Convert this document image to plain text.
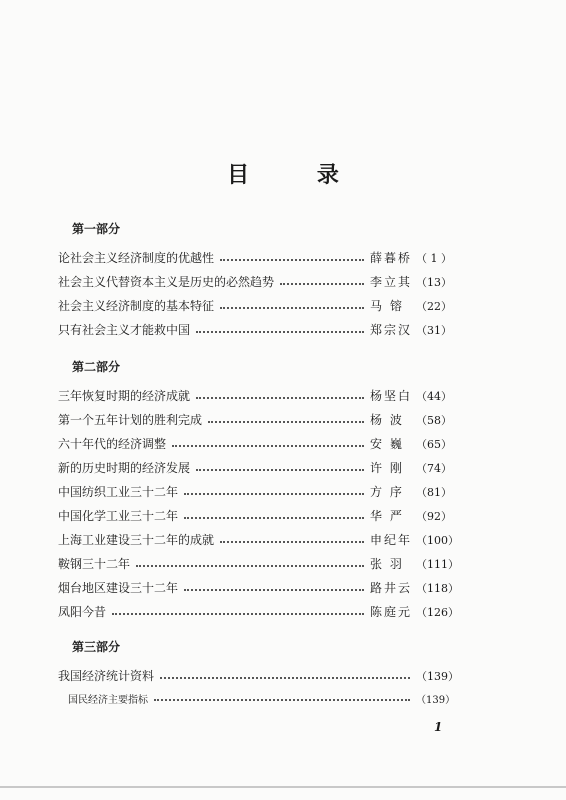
目 录
第一部分
论社会主义经济制度的优越性	薛暮桥 （ 1 ）
社会主义代替资本主义是历史的必然趋势	李立其 （13）
社会主义经济制度的基本特征	马 镕	（22）
只有社会主义才能救中国	郑宗汉 （31）
第二部分
三年恢复时期的经济成就	杨坚白 （44）
第一个五年计划的胜利完成	杨 波	（58）
六十年代的经济调整	安 巍	（65）
新的历史时期的经济发展	许 刚	（74）
中国纺织工业三十二年	方 序	（81）
中国化学工业三十二年	华 严	（92）
上海工业建设三十二年的成就	申纪年 （100）
鞍钢三十二年	张 羽	（111）
烟台地区建设三十二年	路井云 （118）
凤阳今昔	陈庭元 （126）
第三部分
我国经济统计资料	（139）
国民经济主要指标	（139）
1
